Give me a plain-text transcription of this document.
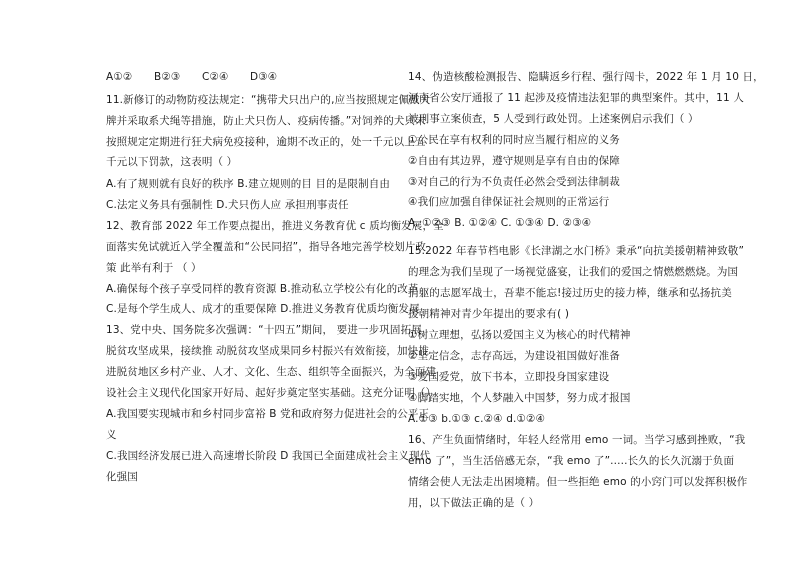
A①② B②③ C②④ D③④
11.新修订的动物防疫法规定：“携带犬只出户的,应当按照规定佩戴犬
牌并采取系犬绳等措施，防止犬只伤人、疫病传播。”对饲养的犬只未
按照规定定期进行狂犬病免疫接种，逾期不改正的，处一千元以上五
千元以下罚款，这表明（ ）
A.有了规则就有良好的秩序 B.建立规则的目 目的是限制自由
C.法定义务具有强制性 D.犬只伤人应 承担刑事责任
12、教育部 2022 年工作要点提出，推进义务教育优 c 质均衡发展，全
面落实免试就近入学全覆盖和“公民同招”，指导各地完善学校划片政
策 此举有利于 （ ）
A.确保每个孩子享受同样的教育资源 B.推动私立学校公有化的改革
C.是每个学生成人、成才的重要保障 D.推进义务教育优质均衡发展
13、党中央、国务院多次强调：“十四五”期间， 要进一步巩固拓展
脱贫攻坚成果，接续推 动脱贫攻坚成果同乡村振兴有效衔接，加快推
进脱贫地区乡村产业、人才、文化、生态、组织等全面振兴，为全面建
设社会主义现代化国家开好局、起好步奠定坚实基础。这充分证明（）
A.我国要实现城市和乡村同步富裕 B 党和政府努力促进社会的公平正
义
C.我国经济发展已进入高速增长阶段 D 我国已全面建成社会主义现代
化强国
14、伪造核酸检测报告、隐瞒返乡行程、强行闯卡，2022 年 1 月 10 日，
河南省公安厅通报了 11 起涉及疫情违法犯罪的典型案件。其中，11 人
被刑事立案侦查，5 人受到行政处罚。上述案例启示我们（ ）
①公民在享有权利的同时应当履行相应的义务
②自由有其边界，遵守规则是享有自由的保障
③对自己的行为不负责任必然会受到法律制裁
④我们应加强自律保证社会规则的正常运行
A. ①②③ B. ①②④ C. ①③④ D. ②③④
15.2022 年春节档电影《长津湖之水门桥》秉承“向抗美援朝精神致敬”
的理念为我们呈现了一场视觉盛宴，让我们的爱国之情燃燃燃烧。为国
捐躯的志愿军战士，吾辈不能忘!接过历史的接力棒，继承和弘扬抗美
援朝精神对青少年提出的要求有( )
①树立理想，弘扬以爱国主义为核心的时代精神
②坚定信念，志存高远，为建设祖国做好准备
③爱国爱党，放下书本，立即投身国家建设
④脚踏实地，个人梦融入中国梦，努力成才报国
A.①③ b.①③ c.②④ d.①②④
16、产生负面情绪时，年轻人经常用 emo 一词。当学习感到挫败，“我
emo 了”，当生活倍感无奈，“我 emo 了”.....长久的长久沉溺于负面
情绪会使人无法走出困境精。但一些拒绝 emo 的小窍门可以发挥积极作
用，以下做法正确的是（ ）
